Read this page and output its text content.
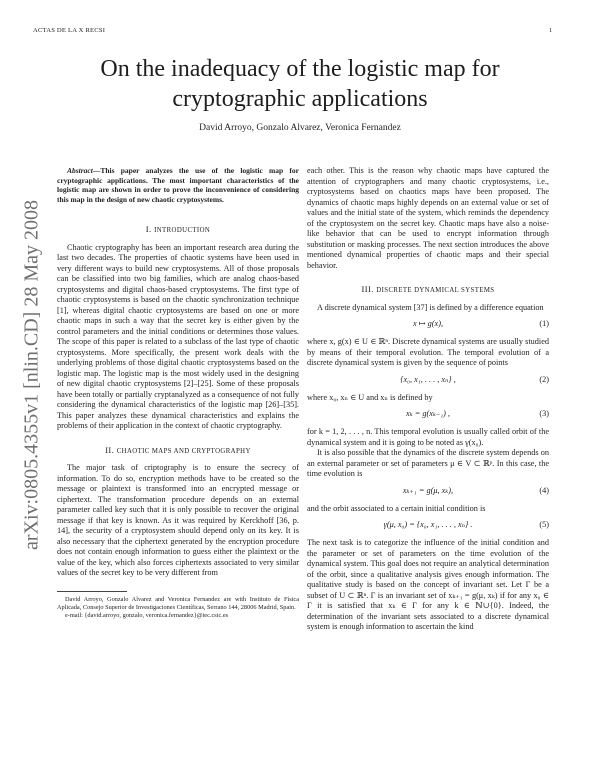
ACTAS DE LA X RECSI	1
arXiv:0805.4355v1 [nlin.CD] 28 May 2008
On the inadequacy of the logistic map for cryptographic applications
David Arroyo, Gonzalo Alvarez, Veronica Fernandez

Abstract—This paper analyzes the use of the logistic map for cryptographic applications. The most important characteristics of the logistic map are shown in order to prove the inconvenience of considering this map in the design of new chaotic cryptosystems.

I. INTRODUCTION

Chaotic cryptography has been an important research area during the last two decades. The properties of chaotic systems have been used in very different ways to build new cryptosystems. All of those proposals can be classified into two big families, which are analog chaos-based cryptosystems and digital chaos-based cryptosystems. The first type of chaotic cryptosystems is based on the chaotic synchronization technique [1], whereas digital chaotic cryptosystems are based on one or more chaotic maps in such a way that the secret key is either given by the control parameters and the initial conditions or determines those values. The scope of this paper is related to a subclass of the last type of chaotic cryptosystems. More specifically, the present work deals with the underlying problems of those digital chaotic cryptosystems based on the logistic map. The logistic map is the most widely used in the designing of new digital chaotic cryptosystems [2]–[25]. Some of these proposals have been totally or partially cryptanalyzed as a consequence of not fully considering the dynamical characteristics of the logistic map [26]–[35]. This paper analyzes these dynamical characteristics and explains the problems of their application in the context of chaotic cryptography.

II. CHAOTIC MAPS AND CRYPTOGRAPHY

The major task of criptography is to ensure the secrecy of information. To do so, encryption methods have to be created so the message or plaintext is transformed into an encrypted message or ciphertext. The transformation procedure depends on an external parameter called key such that it is only possible to recover the original message if that key is known. As it was required by Kerckhoff [36, p. 14], the security of a cryptosystem should depend only on its key. It is also necessary that the ciphertext generated by the encryption procedure does not contain enough information to guess either the plaintext or the value of the key, which also forces ciphertexts associated to very similar values of the secret key to be very different from

David Arroyo, Gonzalo Alvarez and Veronica Fernandez are with Instituto de Física Aplicada, Consejo Superior de Investigaciones Científicas, Serrano 144, 28006 Madrid, Spain.

e-mail: {david.arroyo, gonzalo, veronica.fernandez}@iec.csic.es

each other. This is the reason why chaotic maps have captured the attention of cryptographers and many chaotic cryptosystems, i.e., cryptosystems based on chaotics maps have been proposed. The dynamics of chaotic maps highly depends on an external value or set of values and the initial state of the system, which reminds the dependency of the cryptosystem on the secret key. Chaotic maps have also a noise-like behavior that can be used to encrypt information through substitution or masking processes. The next section introduces the above mentioned dynamical properties of chaotic maps and their special behavior.

III. DISCRETE DYNAMICAL SYSTEMS

A discrete dynamical system [37] is defined by a difference equation

x ↦ g(x),	(1)

where x, g(x) ∈ U ∈ ℝⁿ. Discrete dynamical systems are usually studied by means of their temporal evolution. The temporal evolution of a discrete dynamical system is given by the sequence of points

{x₀, x₁, . . . , xₙ} ,	(2)

where x₀, xₙ ∈ U and xₙ is defined by

xₖ = g(xₖ₋₁) ,	(3)

for k = 1, 2, . . . , n. This temporal evolution is usually called orbit of the dynamical system and it is going to be noted as γ(x₀).

It is also possible that the dynamics of the discrete system depends on an external parameter or set of parameters μ ∈ V ⊂ ℝᵖ. In this case, the time evolution is

xₖ₊₁ = g(μ, xₖ),	(4)

and the orbit associated to a certain initial condition is

γ(μ, x₀) = {x₀, x₁, . . . , xₙ} .	(5)

The next task is to categorize the influence of the initial condition and the parameter or set of parameters on the time evolution of the dynamical system. This goal does not require an analytical determination of the orbit, since a qualitative analysis gives enough information. The qualitative study is based on the concept of invariant set. Let Γ be a subset of U ⊂ ℝⁿ. Γ is an invariant set of xₖ₊₁ = g(μ, xₖ) if for any x₀ ∈ Γ it is satisfied that xₖ ∈ Γ for any k ∈ ℕ∪{0}. Indeed, the determination of the invariant sets associated to a discrete dynamical system is enough information to ascertain the kind
